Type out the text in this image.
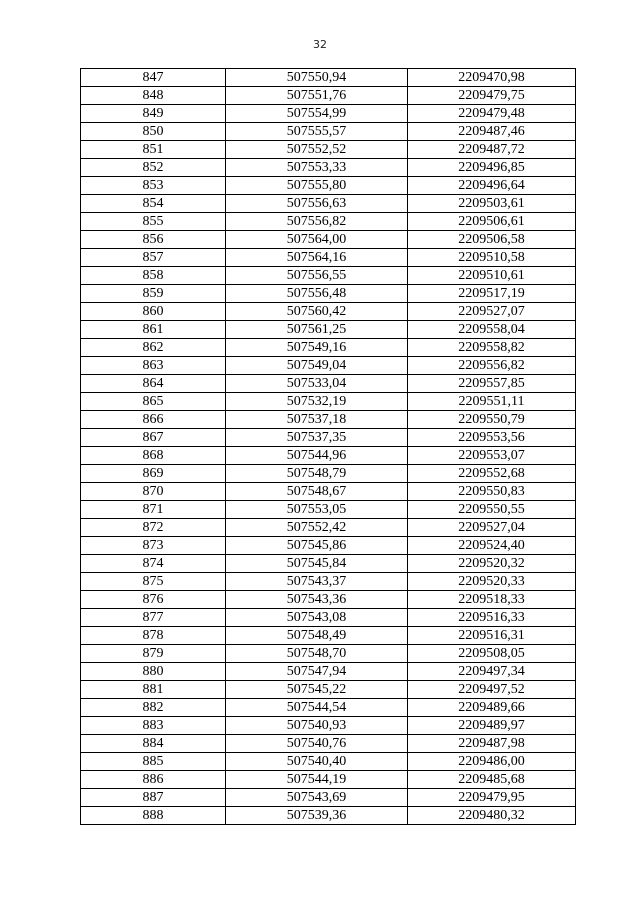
32
847	507550,94	2209470,98
848	507551,76	2209479,75
849	507554,99	2209479,48
850	507555,57	2209487,46
851	507552,52	2209487,72
852	507553,33	2209496,85
853	507555,80	2209496,64
854	507556,63	2209503,61
855	507556,82	2209506,61
856	507564,00	2209506,58
857	507564,16	2209510,58
858	507556,55	2209510,61
859	507556,48	2209517,19
860	507560,42	2209527,07
861	507561,25	2209558,04
862	507549,16	2209558,82
863	507549,04	2209556,82
864	507533,04	2209557,85
865	507532,19	2209551,11
866	507537,18	2209550,79
867	507537,35	2209553,56
868	507544,96	2209553,07
869	507548,79	2209552,68
870	507548,67	2209550,83
871	507553,05	2209550,55
872	507552,42	2209527,04
873	507545,86	2209524,40
874	507545,84	2209520,32
875	507543,37	2209520,33
876	507543,36	2209518,33
877	507543,08	2209516,33
878	507548,49	2209516,31
879	507548,70	2209508,05
880	507547,94	2209497,34
881	507545,22	2209497,52
882	507544,54	2209489,66
883	507540,93	2209489,97
884	507540,76	2209487,98
885	507540,40	2209486,00
886	507544,19	2209485,68
887	507543,69	2209479,95
888	507539,36	2209480,32
